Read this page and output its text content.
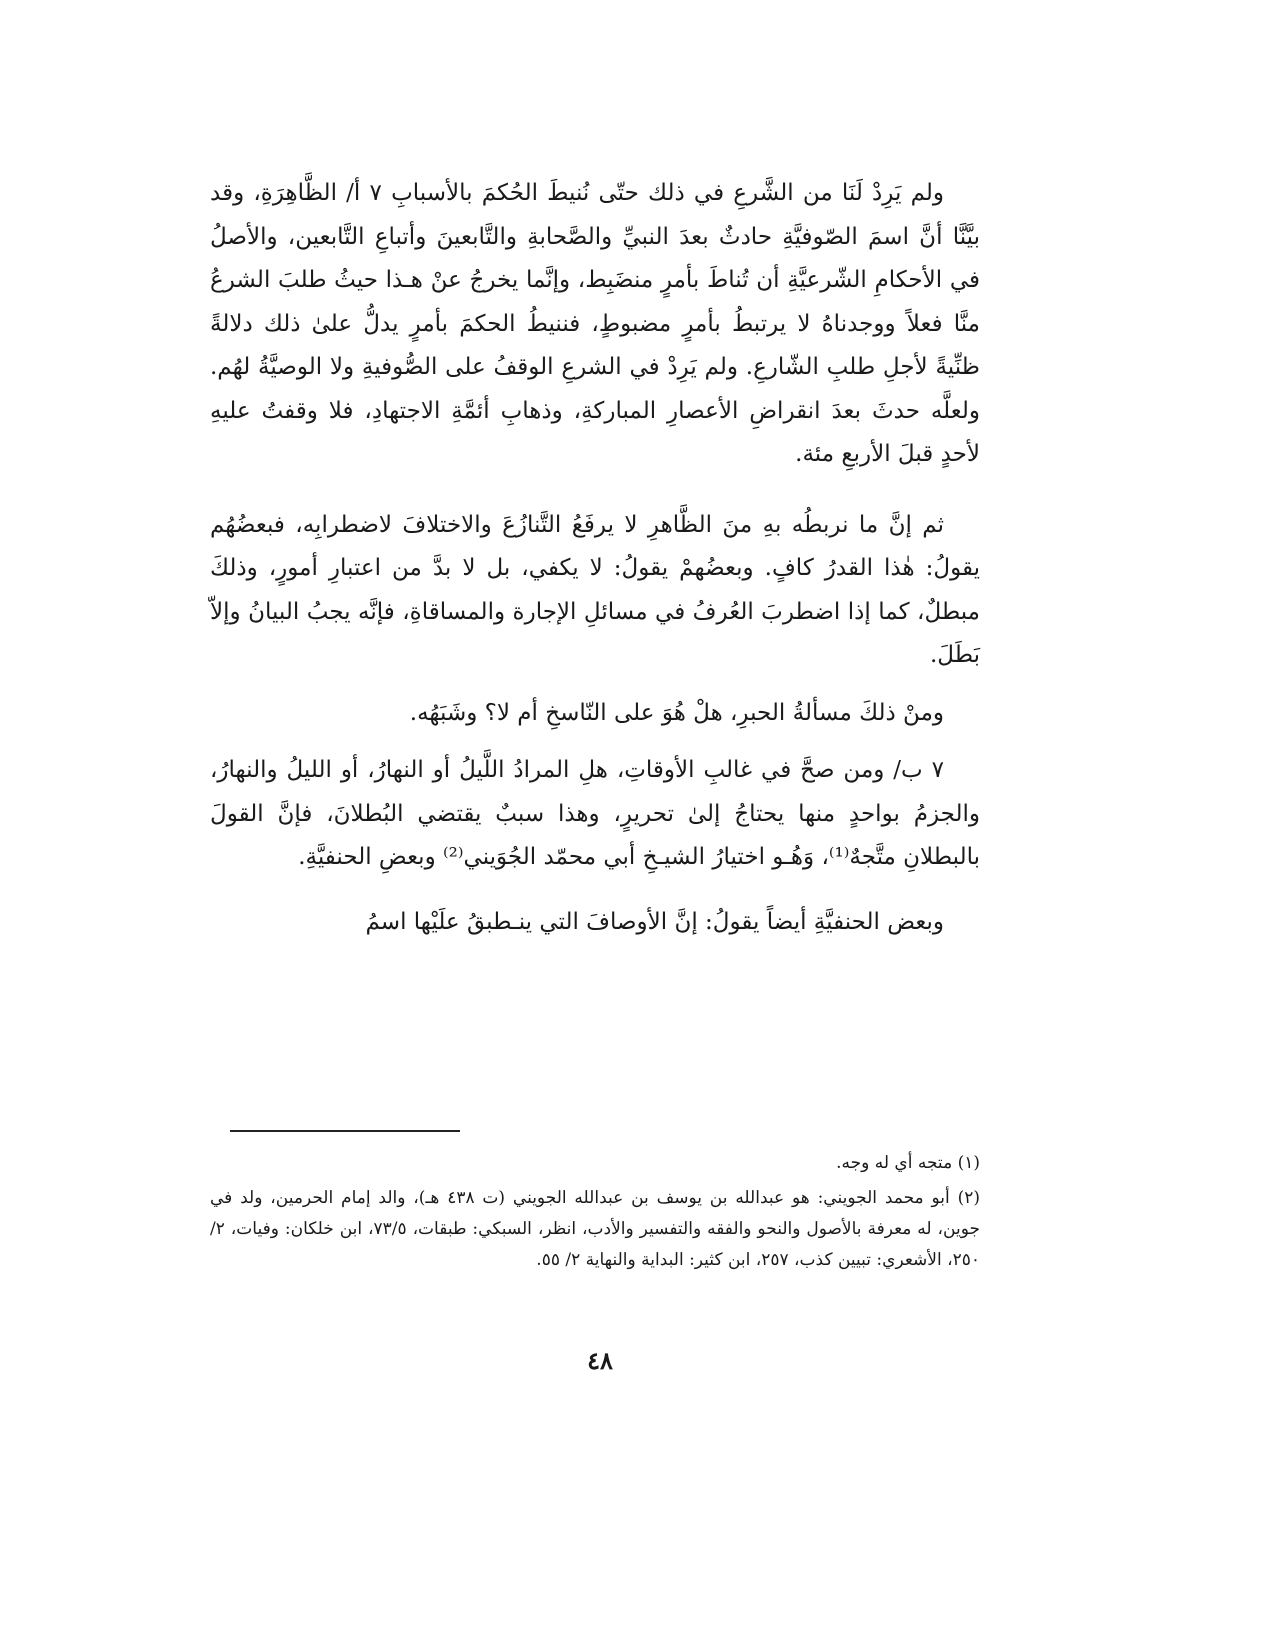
ولم يَرِدْ لَنَا من الشَّرعِ في ذلك حتّى نُنيطَ الحُكمَ بالأسبابِ ٧ أ/ الظَّاهِرَةِ، وقد بيَّنَّا أنَّ اسمَ الصّوفيَّةِ حادثٌ بعدَ النبيِّ والصَّحابةِ والتَّابعينَ وأتباعِ التَّابعين، والأصلُ في الأحكامِ الشّرعيَّةِ أن تُناطَ بأمرٍ منضَبِط، وإنَّما يخرجُ عنْ هـذا حيثُ طلبَ الشرعُ منَّا فعلاً ووجدناهُ لا يرتبطُ بأمرٍ مضبوطٍ، فننيطُ الحكمَ بأمرٍ يدلُّ علىٰ ذلك دلالةً ظنِّيةً لأجلِ طلبِ الشّارعِ. ولم يَرِدْ في الشرعِ الوقفُ على الصُّوفيةِ ولا الوصيَّةُ لهُم. ولعلَّه حدثَ بعدَ انقراضِ الأعصارِ المباركةِ، وذهابِ أئمَّةِ الاجتهادِ، فلا وقفتُ عليهِ لأحدٍ قبلَ الأربعِ مئة.

ثم إنَّ ما نربطُه بهِ منَ الظَّاهرِ لا يرفَعُ التَّنازُعَ والاختلافَ لاضطرابِه، فبعضُهُم يقولُ: هٰذا القدرُ كافٍ. وبعضُهمْ يقولُ: لا يكفي، بل لا بدَّ من اعتبارِ أمورٍ، وذلكَ مبطلٌ، كما إذا اضطربَ العُرفُ في مسائلِ الإجارة والمساقاةِ، فإنَّه يجبُ البيانُ وإلاّ بَطَلَ.

ومنْ ذلكَ مسألةُ الحبرِ، هلْ هُوَ على النّاسخِ أم لا؟ وشَبَهُه.

٧ ب/ ومن صحَّ في غالبِ الأوقاتِ، هلِ المرادُ اللَّيلُ أو النهارُ، أو الليلُ والنهارُ، والجزمُ بواحدٍ منها يحتاجُ إلىٰ تحريرٍ، وهذا سببٌ يقتضي البُطلانَ، فإنَّ القولَ بالبطلانِ متَّجهٌ⁽¹⁾، وَهُـو اختيارُ الشيـخِ أبي محمّد الجُوَيني⁽²⁾ وبعضِ الحنفيَّةِ.

وبعض الحنفيَّةِ أيضاً يقولُ: إنَّ الأوصافَ التي ينـطبقُ علَيْها اسمُ

(١) متجه أي له وجه.

(٢) أبو محمد الجويني: هو عبدالله بن يوسف بن عبدالله الجويني (ت ٤٣٨ هـ)، والد إمام الحرمين، ولد في جوين، له معرفة بالأصول والنحو والفقه والتفسير والأدب، انظر، السبكي: طبقات، ٧٣/٥، ابن خلكان: وفيات، ٢/ ٢٥٠، الأشعري: تبيين كذب، ٢٥٧، ابن كثير: البداية والنهاية ٢/ ٥٥.

٤٨
